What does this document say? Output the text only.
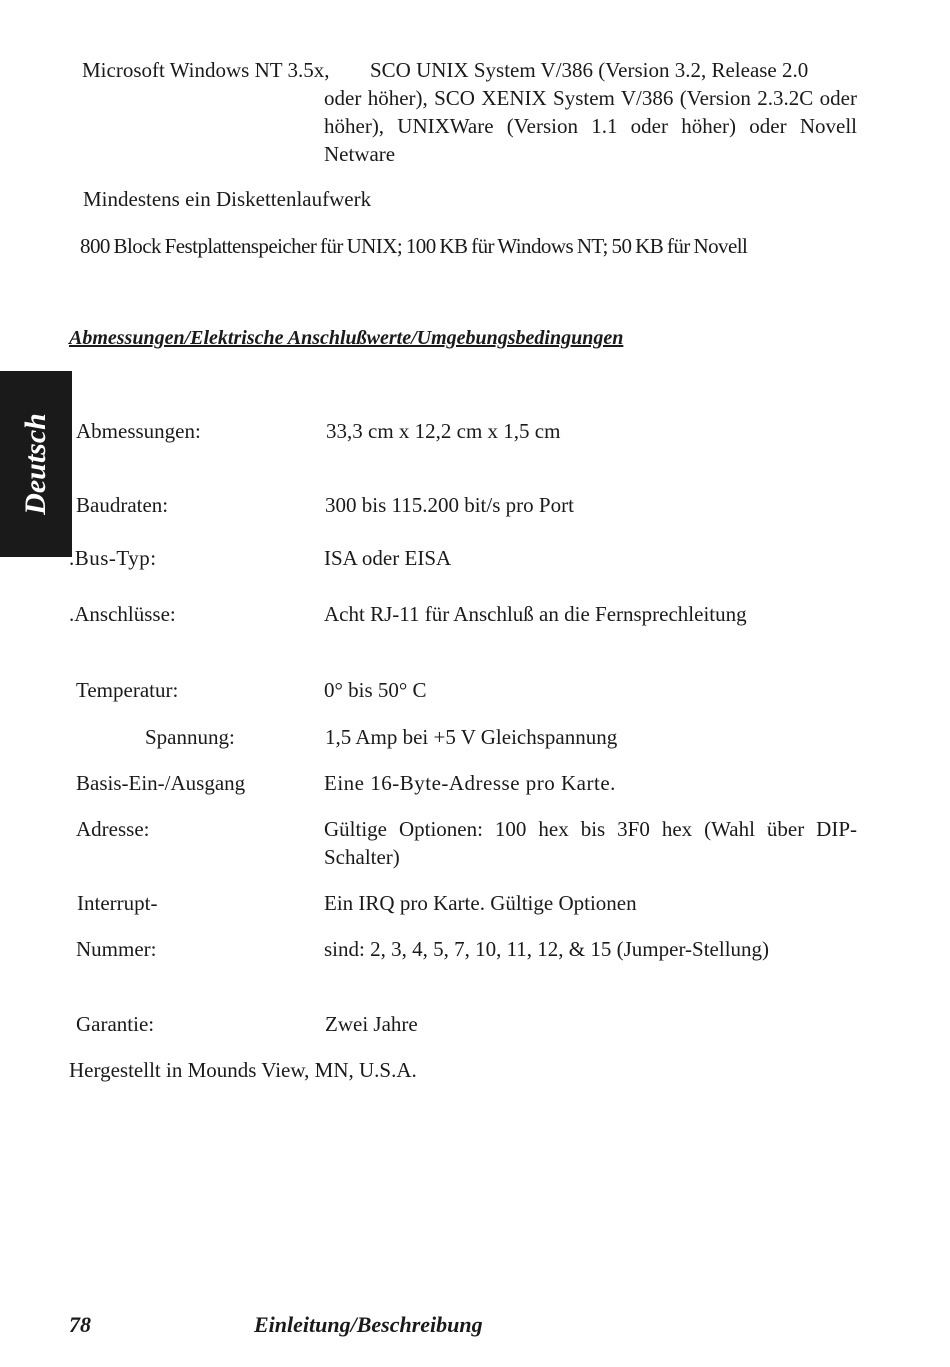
Microsoft Windows NT 3.5x, SCO UNIX System V/386 (Version 3.2, Release 2.0
oder höher), SCO XENIX System V/386 (Version 2.3.2C oder höher), UNIXWare (Version 1.1 oder höher) oder Novell Netware
Mindestens ein Diskettenlaufwerk
800 Block Festplattenspeicher für UNIX; 100 KB für Windows NT; 50 KB für Novell
Abmessungen/Elektrische Anschlußwerte/Umgebungsbedingungen
Deutsch Abmessungen:	33,3 cm x 12,2 cm x 1,5 cm
Baudraten:	300 bis 115.200 bit/s pro Port
.Bus-Typ:	ISA oder EISA
.Anschlüsse:	Acht RJ-11 für Anschluß an die Fernsprechleitung
Temperatur:	0° bis 50° C
Spannung:	1,5 Amp bei +5 V Gleichspannung
Basis-Ein-/Ausgang	Eine 16-Byte-Adresse pro Karte.
Adresse:	Gültige Optionen: 100 hex bis 3F0 hex (Wahl über DIP-Schalter)
Interrupt-	Ein IRQ pro Karte. Gültige Optionen
Nummer:	sind: 2, 3, 4, 5, 7, 10, 11, 12, & 15 (Jumper-Stellung)
Garantie:	Zwei Jahre
Hergestellt in Mounds View, MN, U.S.A.
78	Einleitung/Beschreibung
